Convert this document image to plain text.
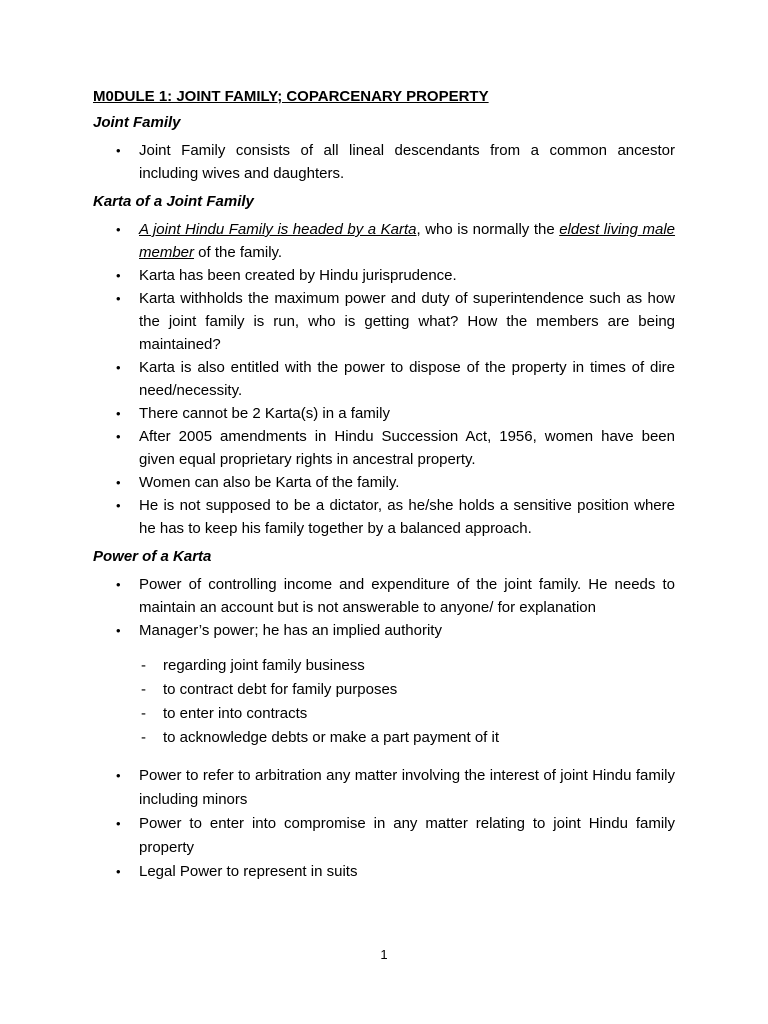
M0DULE 1: JOINT FAMILY; COPARCENARY PROPERTY
Joint Family
• Joint Family consists of all lineal descendants from a common ancestor including wives and daughters.
Karta of a Joint Family
• A joint Hindu Family is headed by a Karta, who is normally the eldest living male member of the family.
• Karta has been created by Hindu jurisprudence.
• Karta withholds the maximum power and duty of superintendence such as how the joint family is run, who is getting what? How the members are being maintained?
• Karta is also entitled with the power to dispose of the property in times of dire need/necessity.
• There cannot be 2 Karta(s) in a family
• After 2005 amendments in Hindu Succession Act, 1956, women have been given equal proprietary rights in ancestral property.
• Women can also be Karta of the family.
• He is not supposed to be a dictator, as he/she holds a sensitive position where he has to keep his family together by a balanced approach.
Power of a Karta
• Power of controlling income and expenditure of the joint family. He needs to maintain an account but is not answerable to anyone/ for explanation
• Manager’s power; he has an implied authority
- regarding joint family business
- to contract debt for family purposes
- to enter into contracts
- to acknowledge debts or make a part payment of it
• Power to refer to arbitration any matter involving the interest of joint Hindu family including minors
• Power to enter into compromise in any matter relating to joint Hindu family property
• Legal Power to represent in suits
1
